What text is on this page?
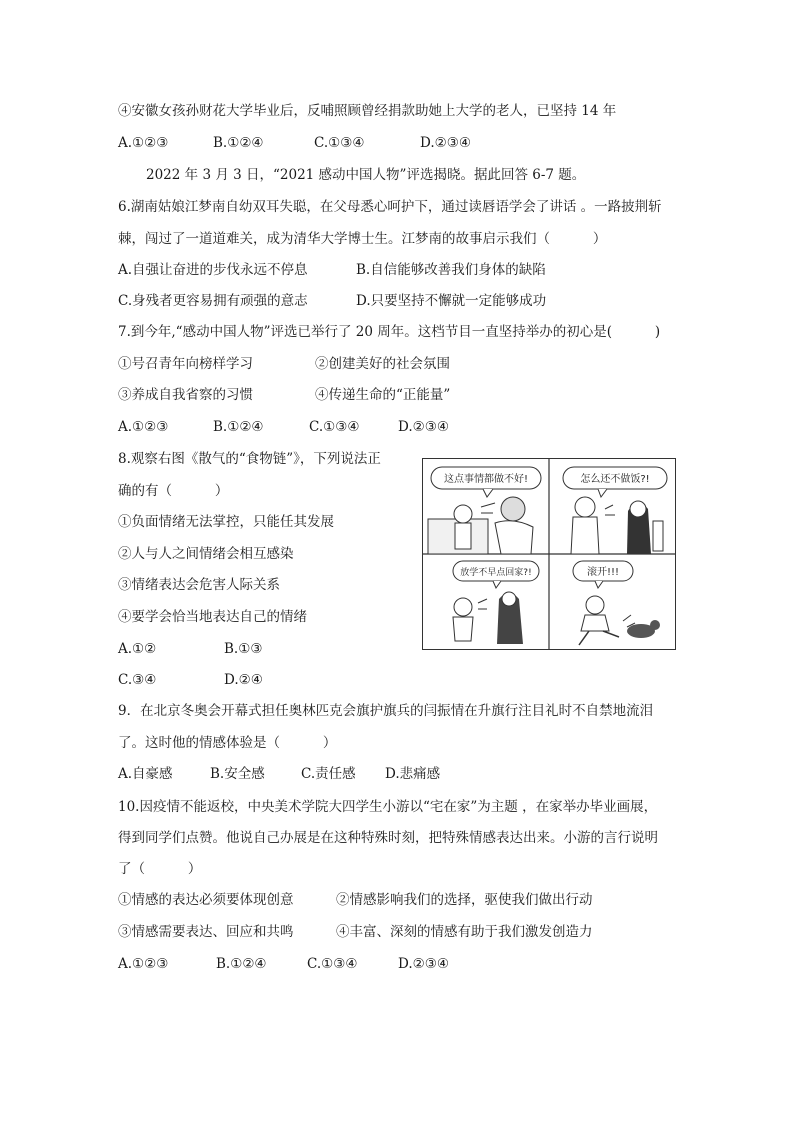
④安徽女孩孙财花大学毕业后，反哺照顾曾经捐款助她上大学的老人，已坚持 14 年
A.①②③	B.①②④	C.①③④	D.②③④
2022 年 3 月 3 日，“2021 感动中国人物”评选揭晓。据此回答 6-7 题。
6.湖南姑娘江梦南自幼双耳失聪，在父母悉心呵护下，通过读唇语学会了讲话 。一路披荆斩
棘，闯过了一道道难关，成为清华大学博士生。江梦南的故事启示我们（          ）
A.自强让奋进的步伐永远不停息	B.自信能够改善我们身体的缺陷
C.身残者更容易拥有顽强的意志	D.只要坚持不懈就一定能够成功
7.到今年,“感动中国人物”评选已举行了 20 周年。这档节目一直坚持举办的初心是(          )
①号召青年向榜样学习	②创建美好的社会氛围
③养成自我省察的习惯	④传递生命的“正能量”
A.①②③	B.①②④	C.①③④	D.②③④
8.观察右图《散气的“食物链”》，下列说法正
确的有（          ）
①负面情绪无法掌控，只能任其发展
②人与人之间情绪会相互感染
③情绪表达会危害人际关系
④要学会恰当地表达自己的情绪
A.①②	B.①③
C.③④	D.②④
这点事情都做不好!	怎么还不做饭?!
放学不早点回家?!	滚开!!!
9．在北京冬奥会开幕式担任奥林匹克会旗护旗兵的闫振情在升旗行注目礼时不自禁地流泪
了。这时他的情感体验是（          ）
A.自豪感	B.安全感	C.责任感 D.悲痛感
10.因疫情不能返校，中央美术学院大四学生小游以“宅在家”为主题 ，在家举办毕业画展，
得到同学们点赞。他说自己办展是在这种特殊时刻，把特殊情感表达出来。小游的言行说明
了（          ）
①情感的表达必须要体现创意	②情感影响我们的选择，驱使我们做出行动
③情感需要表达、回应和共鸣	④丰富、深刻的情感有助于我们激发创造力
A.①②③	B.①②④	C.①③④	D.②③④
